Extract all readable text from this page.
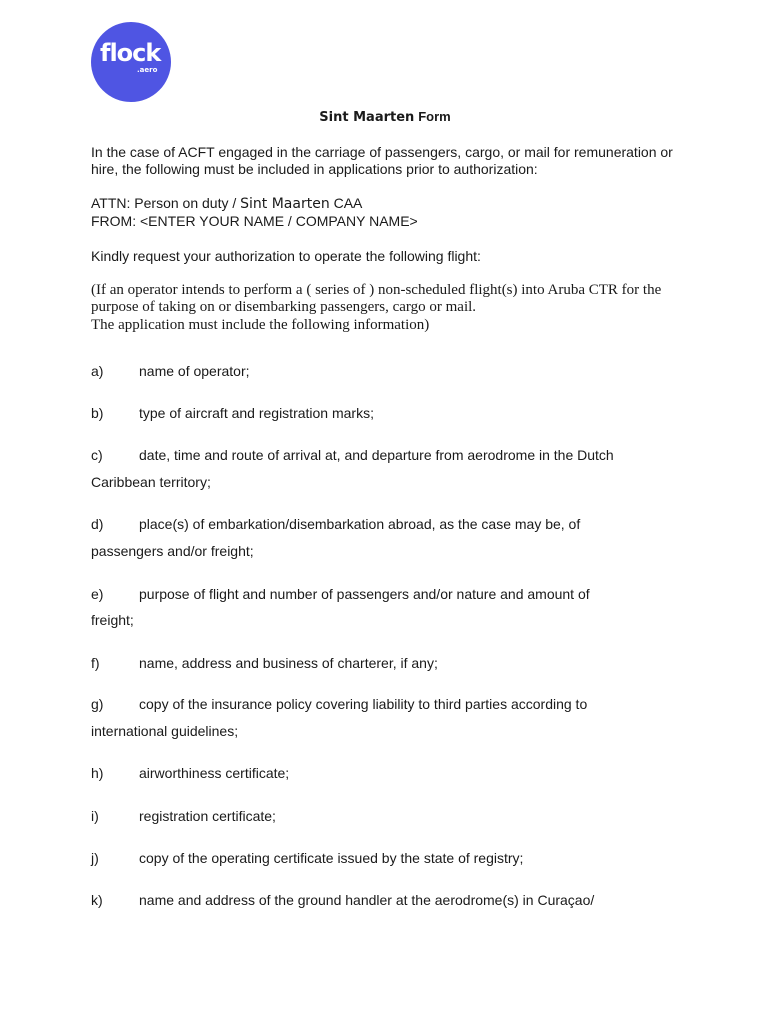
flock
.aero
Sint Maarten Form
In the case of ACFT engaged in the carriage of passengers, cargo, or mail for remuneration or
hire, the following must be included in applications prior to authorization:
ATTN: Person on duty / Sint Maarten CAA
FROM: <ENTER YOUR NAME / COMPANY NAME>
Kindly request your authorization to operate the following flight:
(If an operator intends to perform a ( series of ) non-scheduled flight(s) into Aruba CTR for the
purpose of taking on or disembarking passengers, cargo or mail.
The application must include the following information)
a)	name of operator;
b)	type of aircraft and registration marks;
c)	date, time and route of arrival at, and departure from aerodrome in the Dutch
Caribbean territory;
d)	place(s) of embarkation/disembarkation abroad, as the case may be, of
passengers and/or freight;
e)	purpose of flight and number of passengers and/or nature and amount of
freight;
f)	name, address and business of charterer, if any;
g)	copy of the insurance policy covering liability to third parties according to
international guidelines;
h)	airworthiness certificate;
i)	registration certificate;
j)	copy of the operating certificate issued by the state of registry;
k)	name and address of the ground handler at the aerodrome(s) in Curaçao/
